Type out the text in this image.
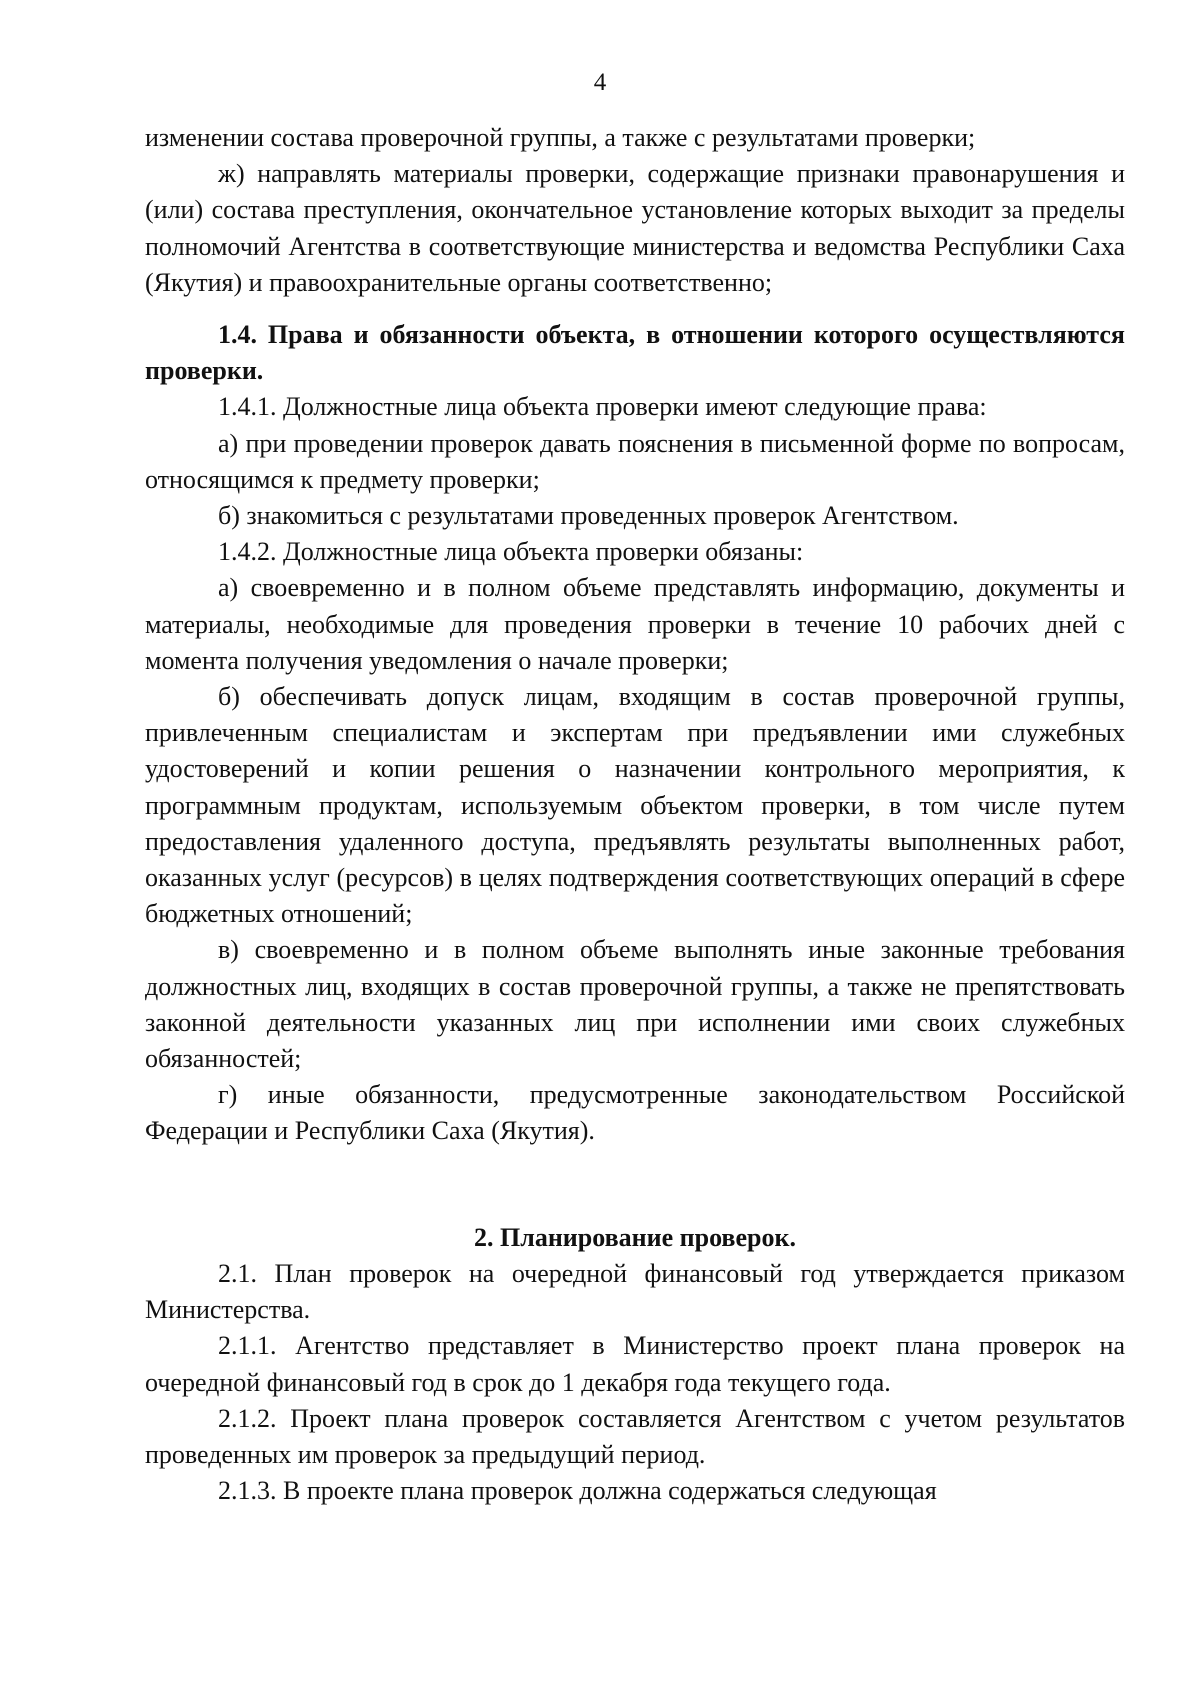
4

изменении состава проверочной группы, а также с результатами проверки;

ж) направлять материалы проверки, содержащие признаки правонарушения и (или) состава преступления, окончательное установление которых выходит за пределы полномочий Агентства в соответствующие министерства и ведомства Республики Саха (Якутия) и правоохранительные органы соответственно;

1.4. Права и обязанности объекта, в отношении которого осуществляются проверки.

1.4.1. Должностные лица объекта проверки имеют следующие права:

а) при проведении проверок давать пояснения в письменной форме по вопросам, относящимся к предмету проверки;

б) знакомиться с результатами проведенных проверок Агентством.

1.4.2. Должностные лица объекта проверки обязаны:

а) своевременно и в полном объеме представлять информацию, документы и материалы, необходимые для проведения проверки в течение 10 рабочих дней с момента получения уведомления о начале проверки;

б) обеспечивать допуск лицам, входящим в состав проверочной группы, привлеченным специалистам и экспертам при предъявлении ими служебных удостоверений и копии решения о назначении контрольного мероприятия, к программным продуктам, используемым объектом проверки, в том числе путем предоставления удаленного доступа, предъявлять результаты выполненных работ, оказанных услуг (ресурсов) в целях подтверждения соответствующих операций в сфере бюджетных отношений;

в) своевременно и в полном объеме выполнять иные законные требования должностных лиц, входящих в состав проверочной группы, а также не препятствовать законной деятельности указанных лиц при исполнении ими своих служебных обязанностей;

г) иные обязанности, предусмотренные законодательством Российской Федерации и Республики Саха (Якутия).

2. Планирование проверок.

2.1. План проверок на очередной финансовый год утверждается приказом Министерства.

2.1.1. Агентство представляет в Министерство проект плана проверок на очередной финансовый год в срок до 1 декабря года текущего года.

2.1.2. Проект плана проверок составляется Агентством с учетом результатов проведенных им проверок за предыдущий период.

2.1.3. В проекте плана проверок должна содержаться следующая
